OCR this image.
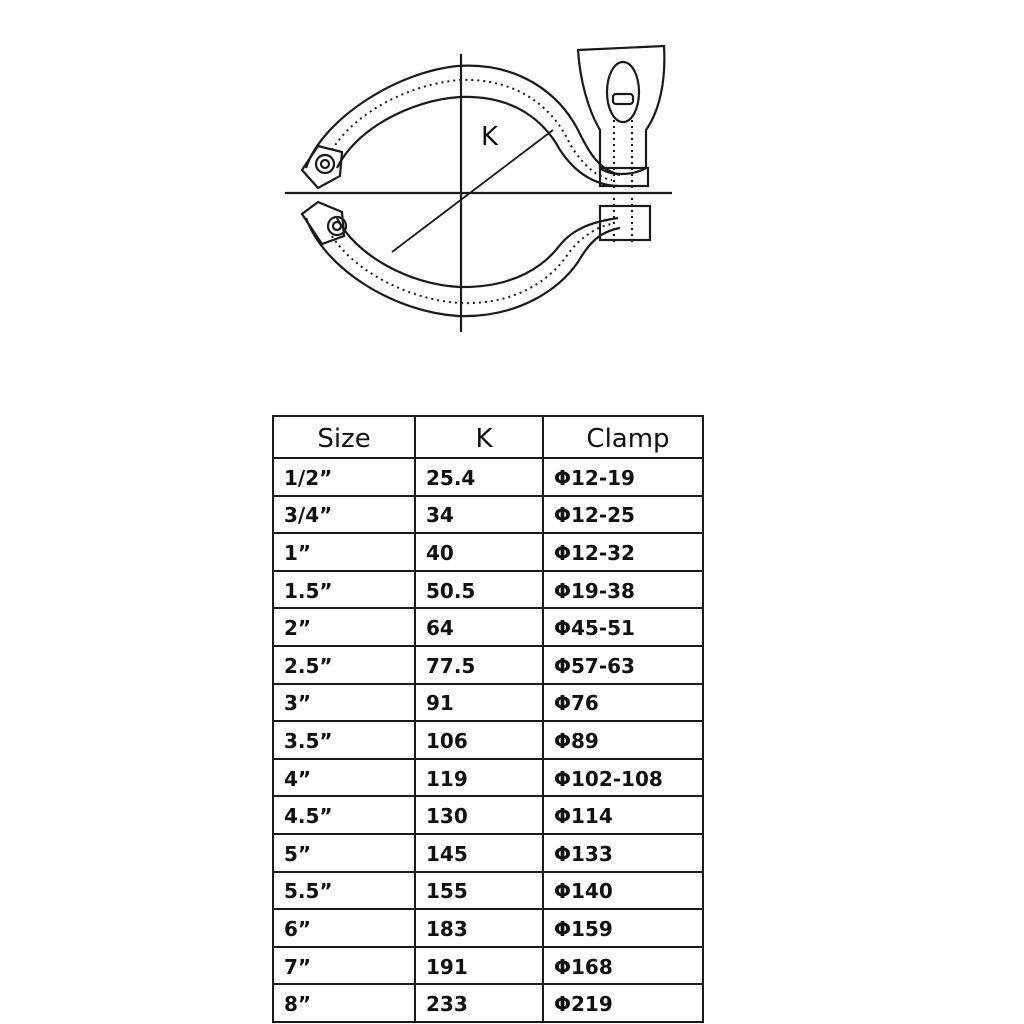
K
Size	K	Clamp
1/2”	25.4	Φ12-19
3/4”	34	Φ12-25
1”	40	Φ12-32
1.5”	50.5	Φ19-38
2”	64	Φ45-51
2.5”	77.5	Φ57-63
3”	91	Φ76
3.5”	106	Φ89
4”	119	Φ102-108
4.5”	130	Φ114
5”	145	Φ133
5.5”	155	Φ140
6”	183	Φ159
7”	191	Φ168
8”	233	Φ219
